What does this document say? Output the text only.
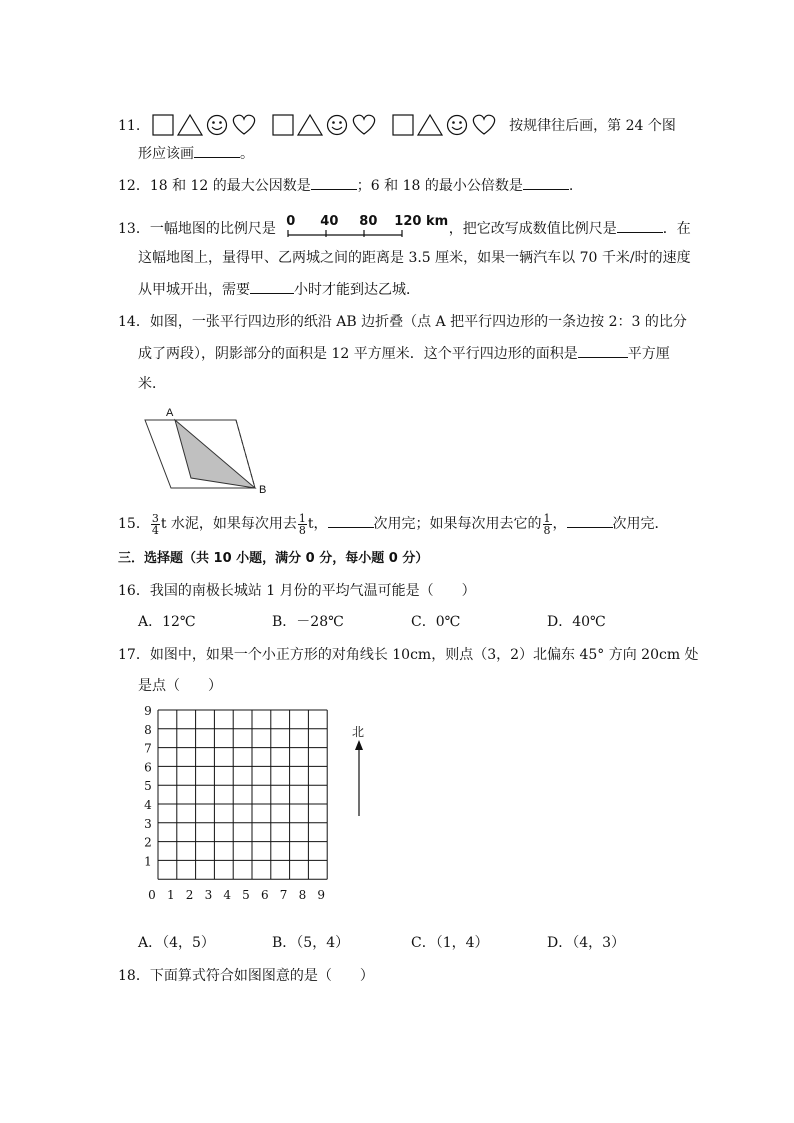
11.	按规律往后画，第 24 个图
形应该画	。
12．18 和 12 的最大公因数是	；6 和 18 的最小公倍数是	.
13．一幅地图的比例尺是 0 40 80 120 km ，把它改写成数值比例尺是	．在
这幅地图上，量得甲、乙两城之间的距离是 3.5 厘米，如果一辆汽车以 70 千米/时的速度
从甲城开出，需要	小时才能到达乙城．
14．如图，一张平行四边形的纸沿 AB 边折叠（点 A 把平行四边形的一条边按 2：3 的比分
成了两段），阴影部分的面积是 12 平方厘米．这个平行四边形的面积是	平方厘
米．
A
B
15． $\frac{3}{4}$ t 水泥，如果每次用去 $\frac{1}{8}$ t，	次用完；如果每次用去它的 $\frac{1}{8}$ ，	次用完．
三．选择题（共 10 小题，满分 0 分，每小题 0 分）
16．我国的南极长城站 1 月份的平均气温可能是（　　）
A．12℃	B．－28℃	C．0℃	D．40℃
17．如图中，如果一个小正方形的对角线长 10cm，则点（3，2）北偏东 45° 方向 20cm 处
是点（　　）
9
8
7
6
5
4
3
2
1
0 1 2 3 4 5 6 7 8 9
北
A．（4，5）	B．（5，4）	C．（1，4）	D．（4，3）
18．下面算式符合如图图意的是（　　）
